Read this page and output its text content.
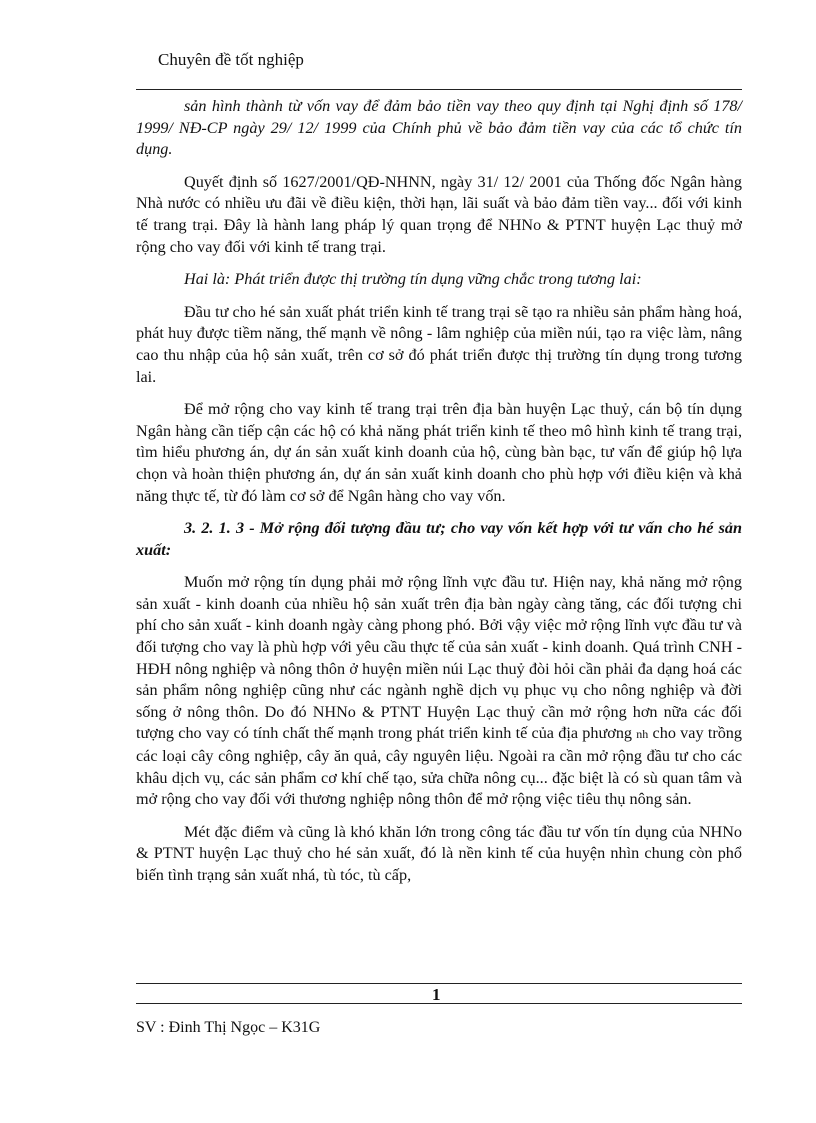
Chuyên đề tốt nghiệp

sản hình thành từ vốn vay để đảm bảo tiền vay theo quy định tại Nghị định số 178/ 1999/ NĐ-CP ngày 29/ 12/ 1999 của Chính phủ về bảo đảm tiền vay của các tổ chức tín dụng.

Quyết định số 1627/2001/QĐ-NHNN, ngày 31/ 12/ 2001 của Thống đốc Ngân hàng Nhà nước có nhiều ưu đãi về điều kiện, thời hạn, lãi suất và bảo đảm tiền vay... đối với kinh tế trang trại. Đây là hành lang pháp lý quan trọng để NHNo & PTNT huyện Lạc thuỷ mở rộng cho vay đối với kinh tế trang trại.

Hai là: Phát triển được thị trường tín dụng vững chắc trong tương lai:

Đầu tư cho hé sản xuất phát triển kinh tế trang trại sẽ tạo ra nhiều sản phẩm hàng hoá, phát huy được tiềm năng, thế mạnh về nông - lâm nghiệp của miền núi, tạo ra việc làm, nâng cao thu nhập của hộ sản xuất, trên cơ sở đó phát triển được thị trường tín dụng trong tương lai.

Để mở rộng cho vay kinh tế trang trại trên địa bàn huyện Lạc thuỷ, cán bộ tín dụng Ngân hàng cần tiếp cận các hộ có khả năng phát triển kinh tế theo mô hình kinh tế trang trại, tìm hiểu phương án, dự án sản xuất kinh doanh của hộ, cùng bàn bạc, tư vấn để giúp hộ lựa chọn và hoàn thiện phương án, dự án sản xuất kinh doanh cho phù hợp với điều kiện và khả năng thực tế, từ đó làm cơ sở để Ngân hàng cho vay vốn.

3. 2. 1. 3 - Mở rộng đối tượng đầu tư; cho vay vốn kết hợp với tư vấn cho hé sản xuất:

Muốn mở rộng tín dụng phải mở rộng lĩnh vực đầu tư. Hiện nay, khả năng mở rộng sản xuất - kinh doanh của nhiều hộ sản xuất trên địa bàn ngày càng tăng, các đối tượng chi phí cho sản xuất - kinh doanh ngày càng phong phó. Bởi vậy việc mở rộng lĩnh vực đầu tư và đối tượng cho vay là phù hợp với yêu cầu thực tế của sản xuất - kinh doanh. Quá trình CNH - HĐH nông nghiệp và nông thôn ở huyện miền núi Lạc thuỷ đòi hỏi cần phải đa dạng hoá các sản phẩm nông nghiệp cũng như các ngành nghề dịch vụ phục vụ cho nông nghiệp và đời sống ở nông thôn. Do đó NHNo & PTNT Huyện Lạc thuỷ cần mở rộng hơn nữa các đối tượng cho vay có tính chất thế mạnh trong phát triển kinh tế của địa phương nh cho vay trồng các loại cây công nghiệp, cây ăn quả, cây nguyên liệu. Ngoài ra cần mở rộng đầu tư cho các khâu dịch vụ, các sản phẩm cơ khí chế tạo, sửa chữa nông cụ... đặc biệt là có sù quan tâm và mở rộng cho vay đối với thương nghiệp nông thôn để mở rộng việc tiêu thụ nông sản.

Mét đặc điểm và cũng là khó khăn lớn trong công tác đầu tư vốn tín dụng của NHNo & PTNT huyện Lạc thuỷ cho hé sản xuất, đó là nền kinh tế của huyện nhìn chung còn phổ biến tình trạng sản xuất nhá, tù tóc, tù cấp,

1
SV : Đinh Thị Ngọc – K31G
